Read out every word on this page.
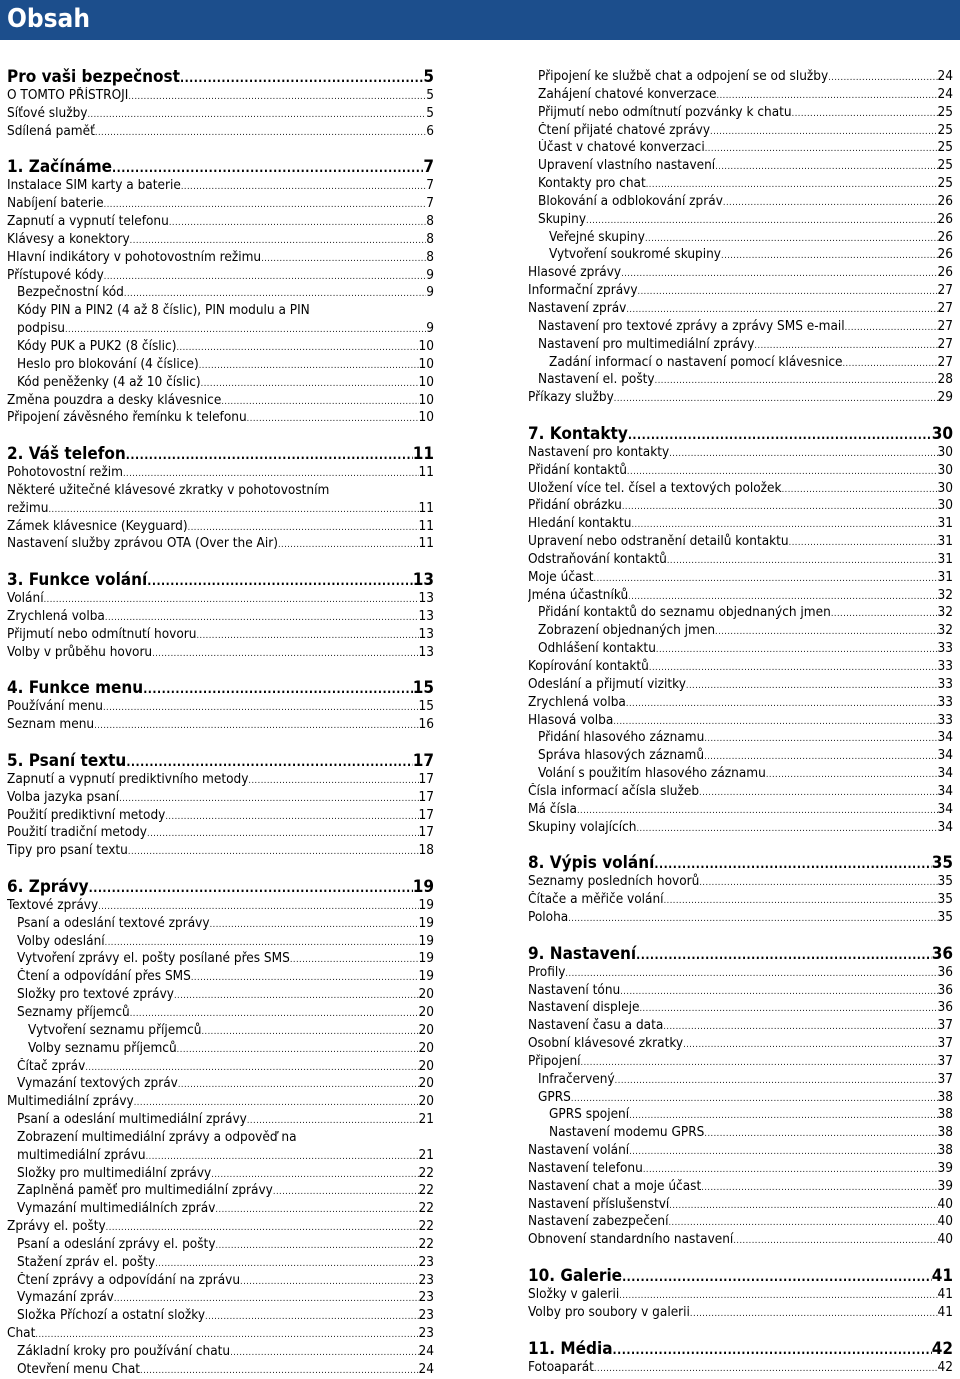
Obsah
Pro vaši bezpečnost .....	5
O TOMTO PŘÍSTROJI .....	5
Síťové služby .....	5
Sdílená paměť .....	6
1. Začínáme .....	7
Instalace SIM karty a baterie .....	7
Nabíjení baterie .....	7
Zapnutí a vypnutí telefonu .....	8
Klávesy a konektory .....	8
Hlavní indikátory v pohotovostním režimu .....	8
Přístupové kódy .....	9
Bezpečnostní kód .....	9
Kódy PIN a PIN2 (4 až 8 číslic), PIN modulu a PIN
podpisu .....	9
Kódy PUK a PUK2 (8 číslic) .....	10
Heslo pro blokování (4 číslice) .....	10
Kód peněženky (4 až 10 číslic) .....	10
Změna pouzdra a desky klávesnice .....	10
Připojení závěsného řemínku k telefonu .....	10
2. Váš telefon .....	11
Pohotovostní režim .....	11
Některé užitečné klávesové zkratky v pohotovostním
režimu .....	11
Zámek klávesnice (Keyguard) .....	11
Nastavení služby zprávou OTA (Over the Air) .....	11
3. Funkce volání .....	13
Volání .....	13
Zrychlená volba .....	13
Přijmutí nebo odmítnutí hovoru .....	13
Volby v průběhu hovoru .....	13
4. Funkce menu .....	15
Používání menu .....	15
Seznam menu .....	16
5. Psaní textu .....	17
Zapnutí a vypnutí prediktivního metody .....	17
Volba jazyka psaní .....	17
Použití prediktivní metody .....	17
Použití tradiční metody .....	17
Tipy pro psaní textu .....	18
6. Zprávy .....	19
Textové zprávy .....	19
Psaní a odeslání textové zprávy .....	19
Volby odeslání .....	19
Vytvoření zprávy el. pošty posílané přes SMS .....	19
Čtení a odpovídání přes SMS .....	19
Složky pro textové zprávy .....	20
Seznamy příjemců .....	20
Vytvoření seznamu příjemců .....	20
Volby seznamu příjemců .....	20
Čítač zpráv .....	20
Vymazání textových zpráv .....	20
Multimediální zprávy .....	20
Psaní a odeslání multimediální zprávy .....	21
Zobrazení multimediální zprávy a odpověď na
multimediální zprávu .....	21
Složky pro multimediální zprávy .....	22
Zaplněná paměť pro multimediální zprávy .....	22
Vymazání multimediálních zpráv .....	22
Zprávy el. pošty .....	22
Psaní a odeslání zprávy el. pošty .....	22
Stažení zpráv el. pošty .....	23
Čtení zprávy a odpovídání na zprávu .....	23
Vymazání zpráv .....	23
Složka Příchozí a ostatní složky .....	23
Chat .....	23
Základní kroky pro používání chatu .....	24
Otevření menu Chat .....	24
Připojení ke službě chat a odpojení se od služby .....	24
Zahájení chatové konverzace .....	24
Přijmutí nebo odmítnutí pozvánky k chatu .....	25
Čtení přijaté chatové zprávy .....	25
Účast v chatové konverzaci .....	25
Upravení vlastního nastavení .....	25
Kontakty pro chat .....	25
Blokování a odblokování zpráv .....	26
Skupiny .....	26
Veřejné skupiny .....	26
Vytvoření soukromé skupiny .....	26
Hlasové zprávy .....	26
Informační zprávy .....	27
Nastavení zpráv .....	27
Nastavení pro textové zprávy a zprávy SMS e-mail .....	27
Nastavení pro multimediální zprávy .....	27
Zadání informací o nastavení pomocí klávesnice .....	27
Nastavení el. pošty .....	28
Příkazy služby .....	29
7. Kontakty .....	30
Nastavení pro kontakty .....	30
Přidání kontaktů .....	30
Uložení více tel. čísel a textových položek .....	30
Přidání obrázku .....	30
Hledání kontaktu .....	31
Upravení nebo odstranění detailů kontaktu .....	31
Odstraňování kontaktů .....	31
Moje účast .....	31
Jména účastníků .....	32
Přidání kontaktů do seznamu objednaných jmen .....	32
Zobrazení objednaných jmen .....	32
Odhlášení kontaktu .....	33
Kopírování kontaktů .....	33
Odeslání a přijmutí vizitky .....	33
Zrychlená volba .....	33
Hlasová volba .....	33
Přidání hlasového záznamu .....	34
Správa hlasových záznamů .....	34
Volání s použitím hlasového záznamu .....	34
Čísla informací ačísla služeb .....	34
Má čísla .....	34
Skupiny volajících .....	34
8. Výpis volání .....	35
Seznamy posledních hovorů .....	35
Čítače a měřiče volání .....	35
Poloha .....	35
9. Nastavení .....	36
Profily .....	36
Nastavení tónu .....	36
Nastavení displeje .....	36
Nastavení času a data .....	37
Osobní klávesové zkratky .....	37
Připojení .....	37
Infračervený .....	37
GPRS .....	38
GPRS spojení .....	38
Nastavení modemu GPRS .....	38
Nastavení volání .....	38
Nastavení telefonu .....	39
Nastavení chat a moje účast .....	39
Nastavení příslušenství .....	40
Nastavení zabezpečení .....	40
Obnovení standardního nastavení .....	40
10. Galerie .....	41
Složky v galerii .....	41
Volby pro soubory v galerii .....	41
11. Média .....	42
Fotoaparát .....	42
